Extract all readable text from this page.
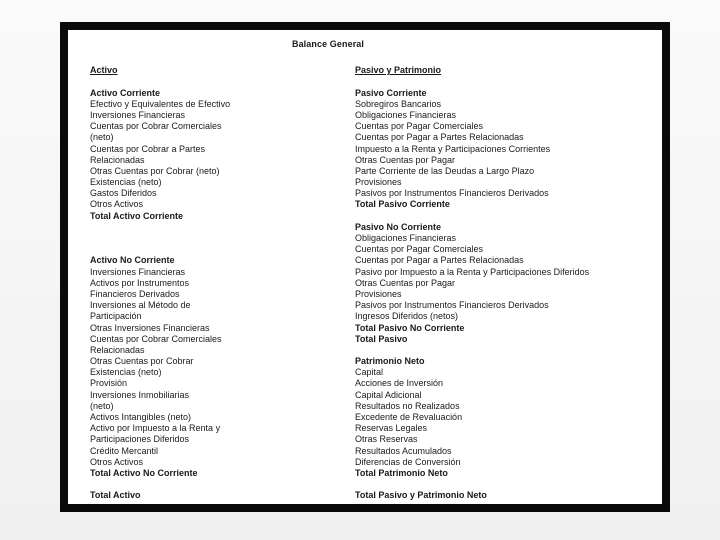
Balance General
Activo
Activo Corriente
Efectivo y Equivalentes de Efectivo
Inversiones Financieras
Cuentas por Cobrar Comerciales
(neto)
Cuentas por Cobrar a Partes
Relacionadas
Otras Cuentas por Cobrar (neto)
Existencias (neto)
Gastos Diferidos
Otros Activos
Total Activo Corriente
Activo No Corriente
Inversiones Financieras
Activos por Instrumentos
Financieros Derivados
Inversiones al Método de
Participación
Otras Inversiones Financieras
Cuentas por Cobrar Comerciales
Relacionadas
Otras Cuentas por Cobrar
Existencias (neto)
Provisión
Inversiones Inmobiliarias
(neto)
Activos Intangibles (neto)
Activo por Impuesto a la Renta y
Participaciones Diferidos
Crédito Mercantil
Otros Activos
Total Activo No Corriente
Total Activo
Pasivo y Patrimonio
Pasivo Corriente
Sobregiros Bancarios
Obligaciones Financieras
Cuentas por Pagar Comerciales
Cuentas por Pagar a Partes Relacionadas
Impuesto a la Renta y Participaciones Corrientes
Otras Cuentas por Pagar
Parte Corriente de las Deudas a Largo Plazo
Provisiones
Pasivos por Instrumentos Financieros Derivados
Total Pasivo Corriente
Pasivo No Corriente
Obligaciones Financieras
Cuentas por Pagar Comerciales
Cuentas por Pagar a Partes Relacionadas
Pasivo por Impuesto a la Renta y Participaciones Diferidos
Otras Cuentas por Pagar
Provisiones
Pasivos por Instrumentos Financieros Derivados
Ingresos Diferidos (netos)
Total Pasivo No Corriente
Total Pasivo
Patrimonio Neto
Capital
Acciones de Inversión
Capital Adicional
Resultados no Realizados
Excedente de Revaluación
Reservas Legales
Otras Reservas
Resultados Acumulados
Diferencias de Conversión
Total Patrimonio Neto
Total Pasivo y Patrimonio Neto
